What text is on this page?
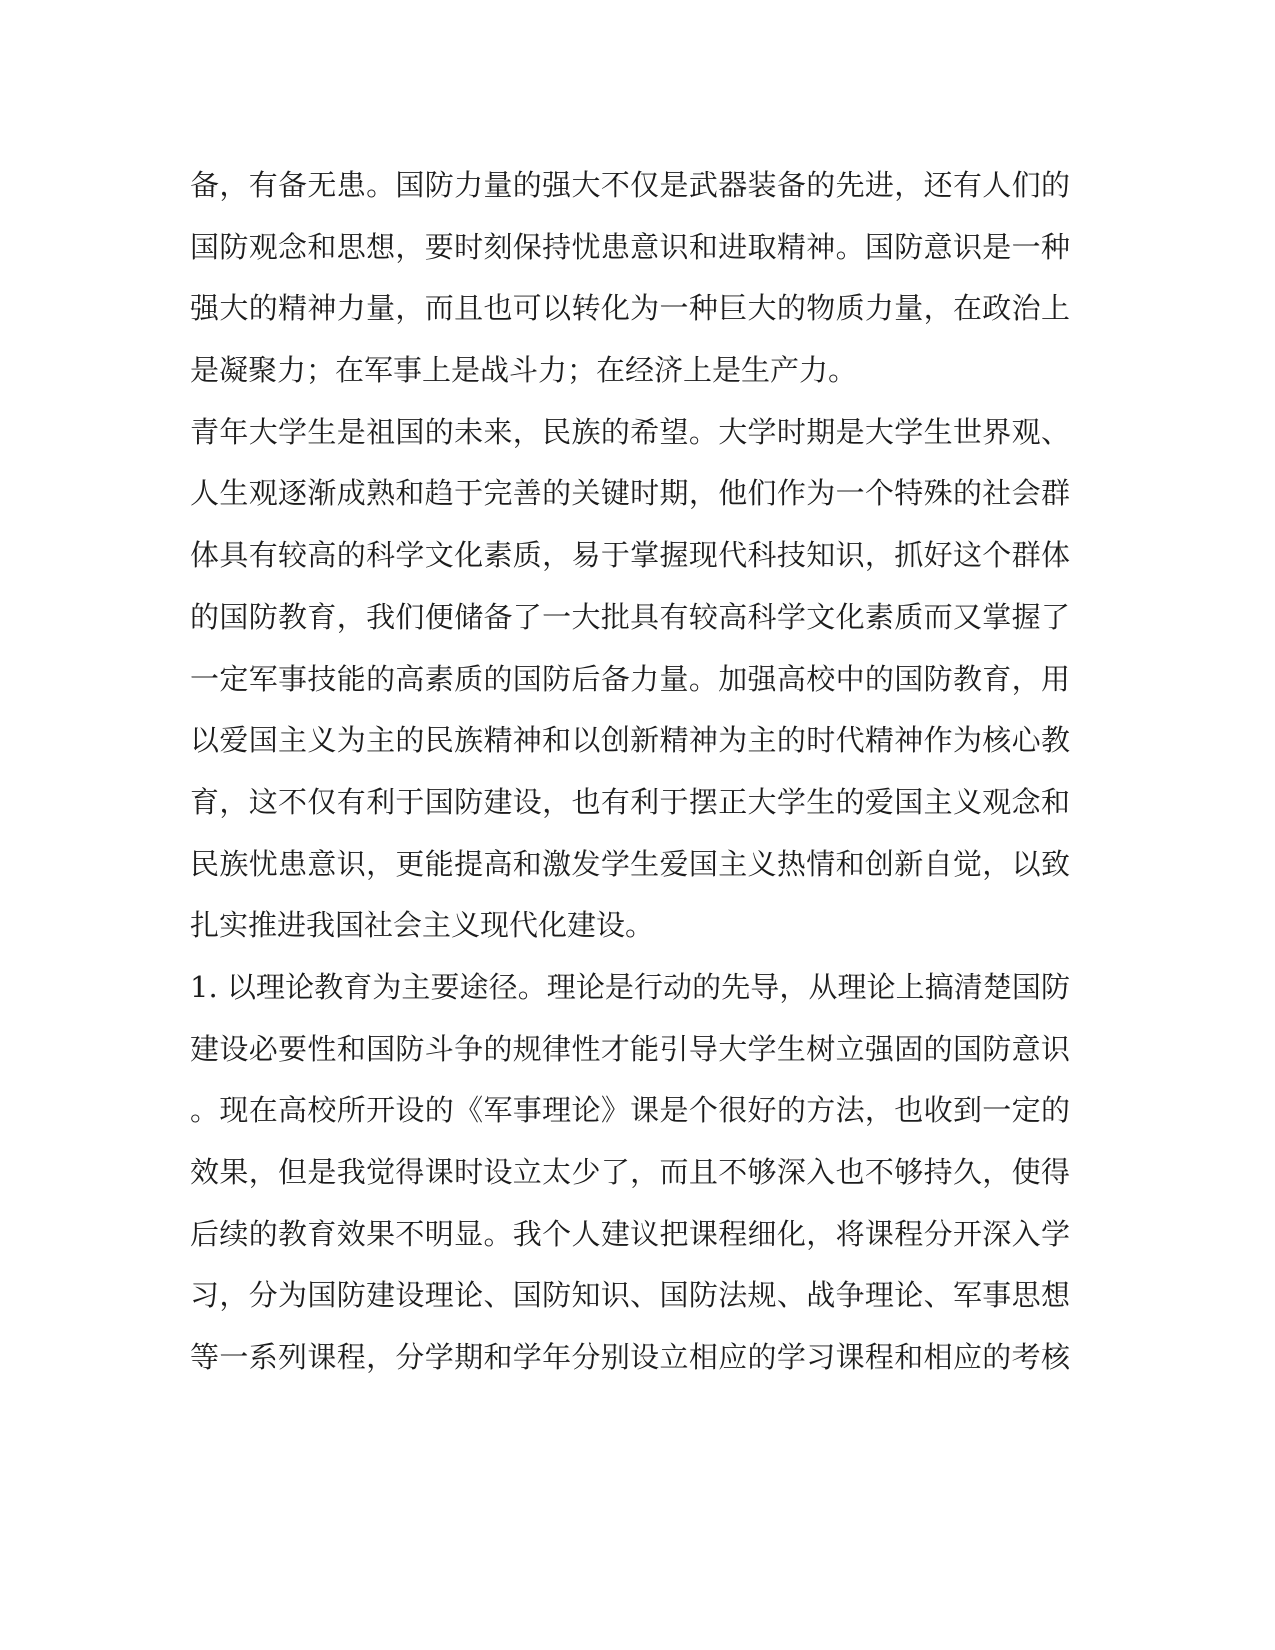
备，有备无患。国防力量的强大不仅是武器装备的先进，还有人们的
国防观念和思想，要时刻保持忧患意识和进取精神。国防意识是一种
强大的精神力量，而且也可以转化为一种巨大的物质力量，在政治上
是凝聚力；在军事上是战斗力；在经济上是生产力。
青年大学生是祖国的未来，民族的希望。大学时期是大学生世界观、
人生观逐渐成熟和趋于完善的关键时期，他们作为一个特殊的社会群
体具有较高的科学文化素质，易于掌握现代科技知识，抓好这个群体
的国防教育，我们便储备了一大批具有较高科学文化素质而又掌握了
一定军事技能的高素质的国防后备力量。加强高校中的国防教育，用
以爱国主义为主的民族精神和以创新精神为主的时代精神作为核心教
育，这不仅有利于国防建设，也有利于摆正大学生的爱国主义观念和
民族忧患意识，更能提高和激发学生爱国主义热情和创新自觉，以致
扎实推进我国社会主义现代化建设。
1. 以理论教育为主要途径。理论是行动的先导，从理论上搞清楚国防
建设必要性和国防斗争的规律性才能引导大学生树立强固的国防意识
。现在高校所开设的《军事理论》课是个很好的方法，也收到一定的
效果，但是我觉得课时设立太少了，而且不够深入也不够持久，使得
后续的教育效果不明显。我个人建议把课程细化，将课程分开深入学
习，分为国防建设理论、国防知识、国防法规、战争理论、军事思想
等一系列课程，分学期和学年分别设立相应的学习课程和相应的考核
